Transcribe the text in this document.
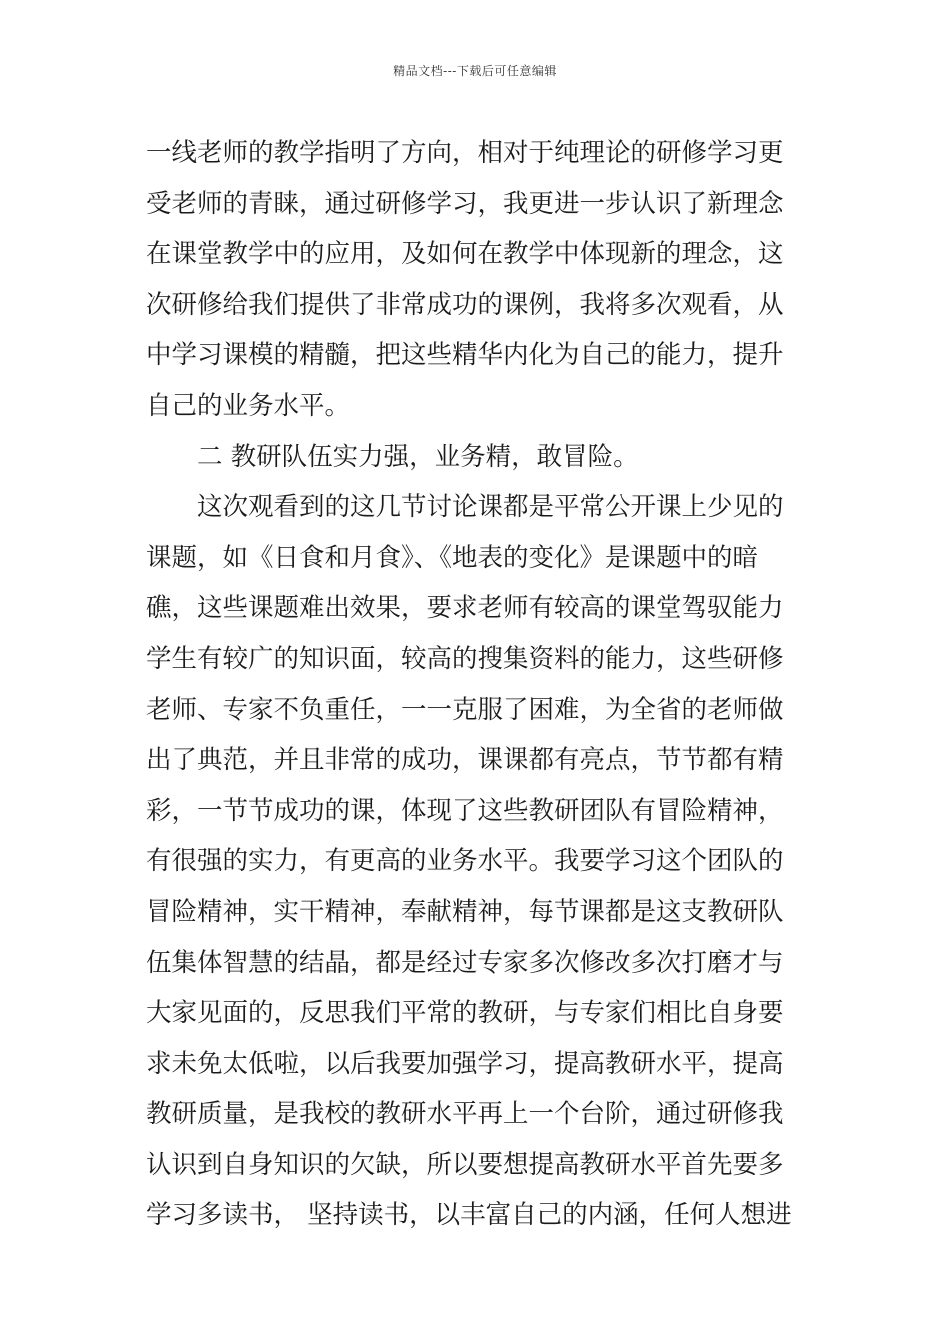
精品文档---下载后可任意编辑
一线老师的教学指明了方向，相对于纯理论的研修学习更
受老师的青睐，通过研修学习，我更进一步认识了新理念
在课堂教学中的应用，及如何在教学中体现新的理念，这
次研修给我们提供了非常成功的课例，我将多次观看，从
中学习课模的精髓，把这些精华内化为自己的能力，提升
自己的业务水平。
二 教研队伍实力强，业务精，敢冒险。
这次观看到的这几节讨论课都是平常公开课上少见的
课题，如《日食和月食》、《地表的变化》是课题中的暗
礁，这些课题难出效果，要求老师有较高的课堂驾驭能力
学生有较广的知识面，较高的搜集资料的能力，这些研修
老师、专家不负重任，一一克服了困难，为全省的老师做
出了典范，并且非常的成功，课课都有亮点，节节都有精
彩，一节节成功的课，体现了这些教研团队有冒险精神，
有很强的实力，有更高的业务水平。我要学习这个团队的
冒险精神，实干精神，奉献精神，每节课都是这支教研队
伍集体智慧的结晶，都是经过专家多次修改多次打磨才与
大家见面的，反思我们平常的教研，与专家们相比自身要
求未免太低啦，以后我要加强学习，提高教研水平，提高
教研质量，是我校的教研水平再上一个台阶，通过研修我
认识到自身知识的欠缺，所以要想提高教研水平首先要多
学习多读书， 坚持读书，以丰富自己的内涵，任何人想进
